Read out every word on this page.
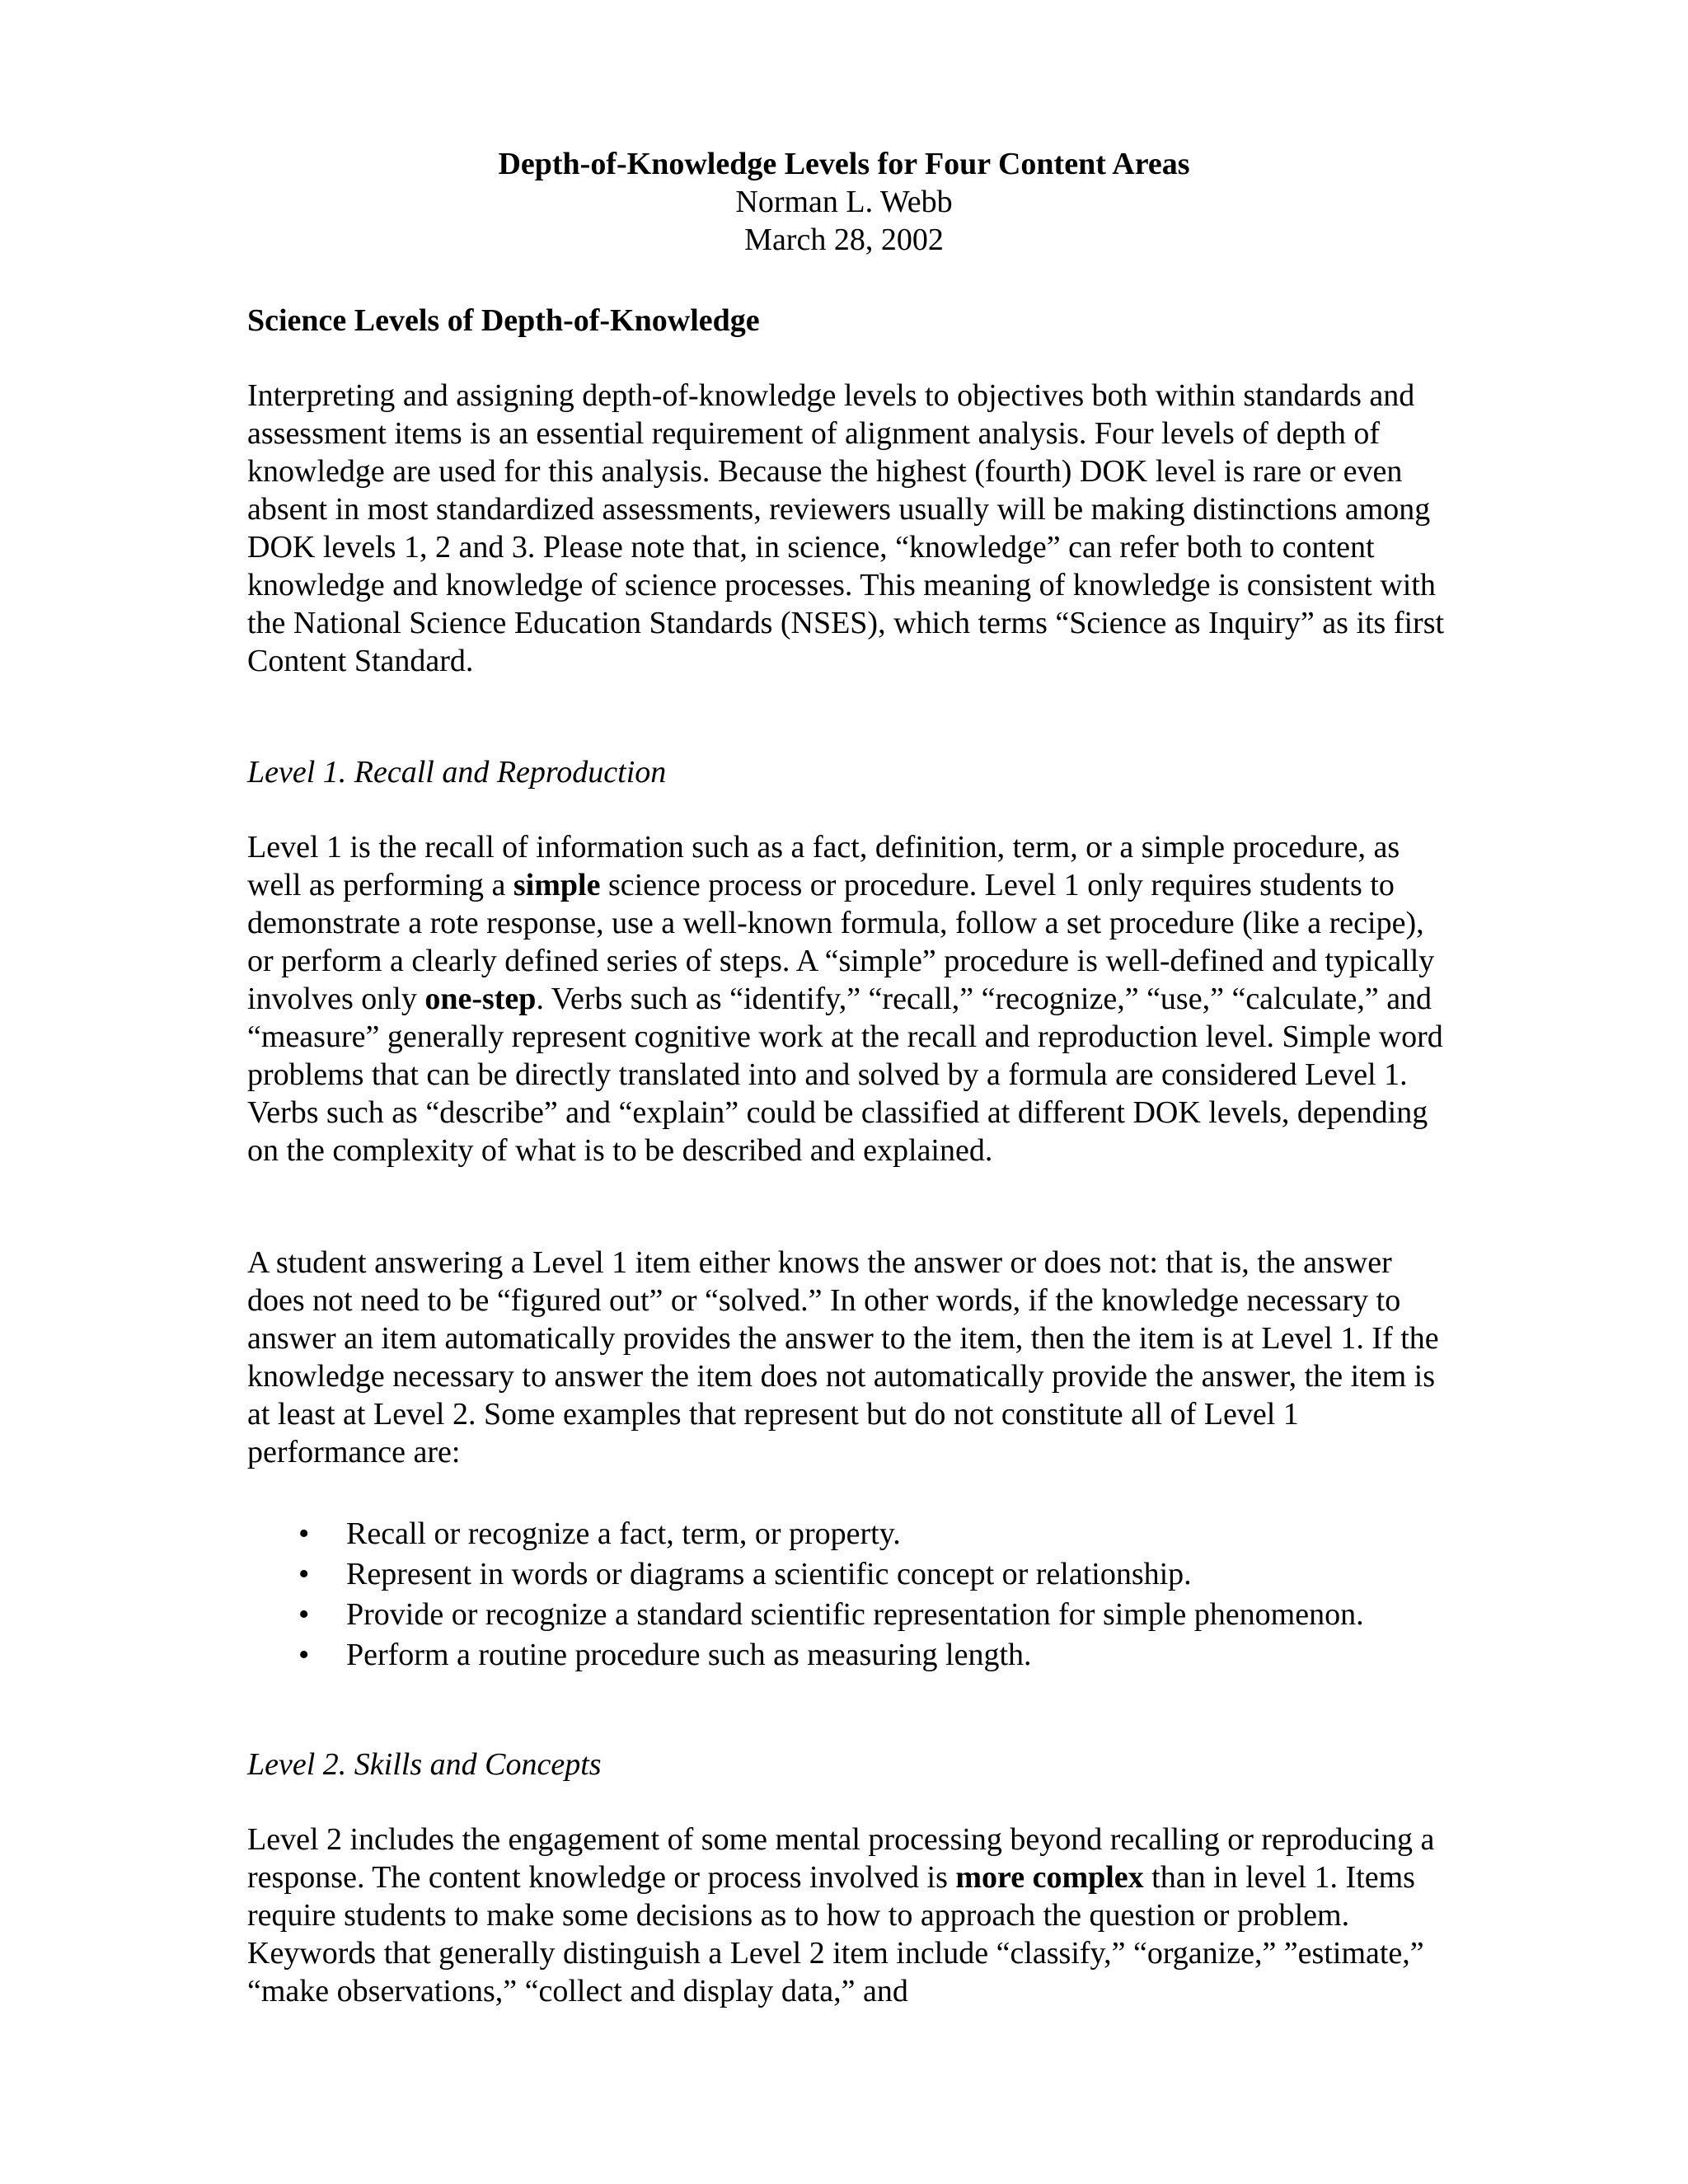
Depth-of-Knowledge Levels for Four Content Areas
Norman L. Webb
March 28, 2002
Science Levels of Depth-of-Knowledge

Interpreting and assigning depth-of-knowledge levels to objectives both within standards and assessment items is an essential requirement of alignment analysis. Four levels of depth of knowledge are used for this analysis. Because the highest (fourth) DOK level is rare or even absent in most standardized assessments, reviewers usually will be making distinctions among DOK levels 1, 2 and 3. Please note that, in science, “knowledge” can refer both to content knowledge and knowledge of science processes. This meaning of knowledge is consistent with the National Science Education Standards (NSES), which terms “Science as Inquiry” as its first Content Standard.

Level 1. Recall and Reproduction

Level 1 is the recall of information such as a fact, definition, term, or a simple procedure, as well as performing a simple science process or procedure. Level 1 only requires students to demonstrate a rote response, use a well-known formula, follow a set procedure (like a recipe), or perform a clearly defined series of steps. A “simple” procedure is well-defined and typically involves only one-step. Verbs such as “identify,” “recall,” “recognize,” “use,” “calculate,” and “measure” generally represent cognitive work at the recall and reproduction level. Simple word problems that can be directly translated into and solved by a formula are considered Level 1. Verbs such as “describe” and “explain” could be classified at different DOK levels, depending on the complexity of what is to be described and explained.

A student answering a Level 1 item either knows the answer or does not: that is, the answer does not need to be “figured out” or “solved.” In other words, if the knowledge necessary to answer an item automatically provides the answer to the item, then the item is at Level 1. If the knowledge necessary to answer the item does not automatically provide the answer, the item is at least at Level 2. Some examples that represent but do not constitute all of Level 1 performance are:

• Recall or recognize a fact, term, or property.
• Represent in words or diagrams a scientific concept or relationship.
• Provide or recognize a standard scientific representation for simple phenomenon.
• Perform a routine procedure such as measuring length.
Level 2. Skills and Concepts

Level 2 includes the engagement of some mental processing beyond recalling or reproducing a response. The content knowledge or process involved is more complex than in level 1. Items require students to make some decisions as to how to approach the question or problem. Keywords that generally distinguish a Level 2 item include “classify,” “organize,” ”estimate,” “make observations,” “collect and display data,” and
